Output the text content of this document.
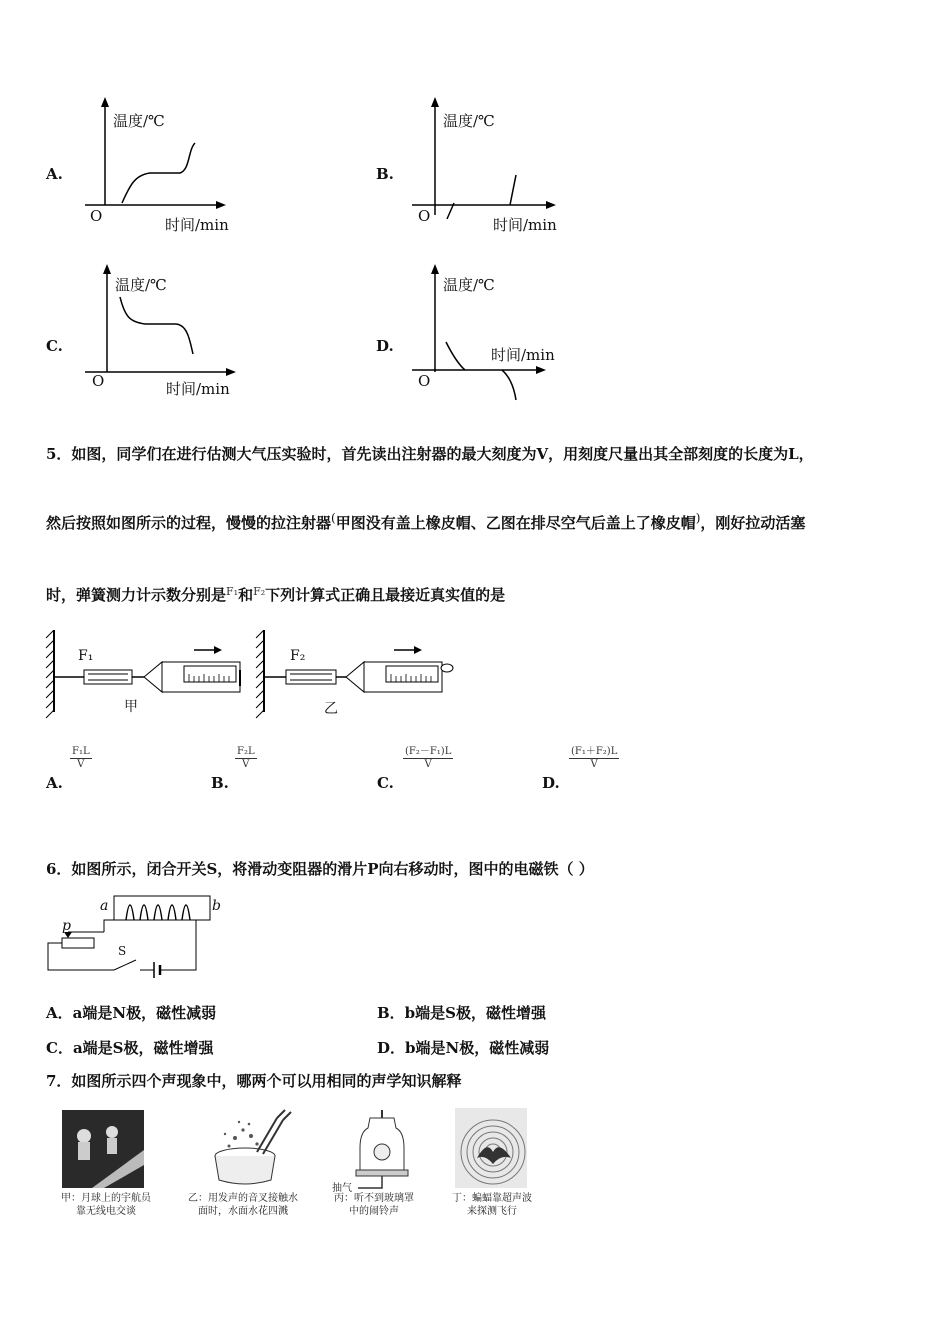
A.
温度/℃
时间/min
O
B.
温度/℃
时间/min
O
C.
温度/℃
时间/min
O
D.
温度/℃
时间/min
O
5．如图，同学们在进行估测大气压实验时，首先读出注射器的最大刻度为V，用刻度尺量出其全部刻度的长度为L，
然后按照如图所示的过程，慢慢的拉注射器(甲图没有盖上橡皮帽、乙图在排尽空气后盖上了橡皮帽)，刚好拉动活塞
时，弹簧测力计示数分别是$^{F_1}$和$^{F_2}$下列计算式正确且最接近真实值的是
F₁	F₂
甲	乙
A.
$\frac{\text{F₁L}}{V}$
B.
$\frac{\text{F₂L}}{V}$
C.
$\frac{\text{(F₂－F₁)L}}{V}$
D.
$\frac{\text{(F₁＋F₂)L}}{V}$
6．如图所示，闭合开关S，将滑动变阻器的滑片P向右移动时，图中的电磁铁（ ）
a	b
p
S
A．a端是N极，磁性减弱	B．b端是S极，磁性增强
C．a端是S极，磁性增强	D．b端是N极，磁性减弱
7．如图所示四个声现象中，哪两个可以用相同的声学知识解释
抽气
甲：月球上的宇航员
靠无线电交谈
乙：用发声的音叉接触水
面时，水面水花四溅
丙：听不到玻璃罩
中的闹铃声
丁：蝙蝠靠超声波
来探测飞行
